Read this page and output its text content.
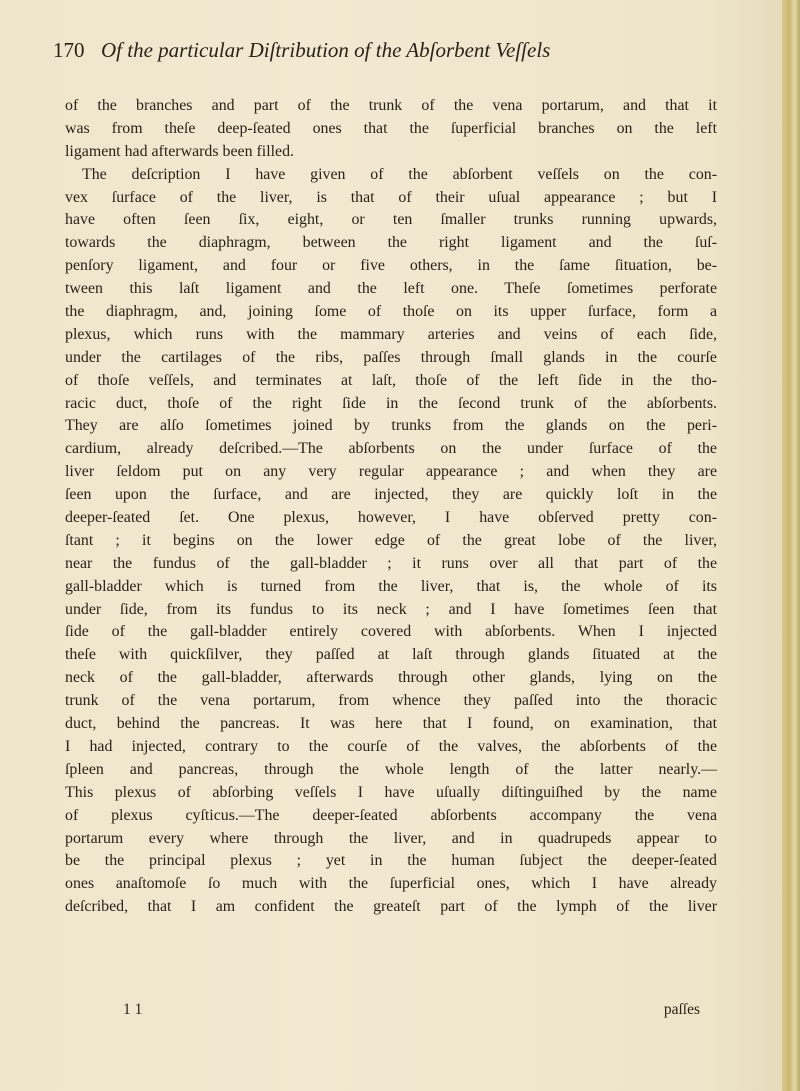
170 Of the particular Diſtribution of the Abſorbent Veſſels
of the branches and part of the trunk of the vena portarum, and that it
was from theſe deep-ſeated ones that the ſuperficial branches on the left
ligament had afterwards been filled.
The deſcription I have given of the abſorbent veſſels on the con-
vex ſurface of the liver, is that of their uſual appearance ; but I
have often ſeen ſix, eight, or ten ſmaller trunks running upwards,
towards the diaphragm, between the right ligament and the ſuſ-
penſory ligament, and four or five others, in the ſame ſituation, be-
tween this laſt ligament and the left one. Theſe ſometimes perforate
the diaphragm, and, joining ſome of thoſe on its upper ſurface, form a
plexus, which runs with the mammary arteries and veins of each ſide,
under the cartilages of the ribs, paſſes through ſmall glands in the courſe
of thoſe veſſels, and terminates at laſt, thoſe of the left ſide in the tho-
racic duct, thoſe of the right ſide in the ſecond trunk of the abſorbents.
They are alſo ſometimes joined by trunks from the glands on the peri-
cardium, already deſcribed.—The abſorbents on the under ſurface of the
liver ſeldom put on any very regular appearance ; and when they are
ſeen upon the ſurface, and are injected, they are quickly loſt in the
deeper-ſeated ſet. One plexus, however, I have obſerved pretty con-
ſtant ; it begins on the lower edge of the great lobe of the liver,
near the fundus of the gall-bladder ; it runs over all that part of the
gall-bladder which is turned from the liver, that is, the whole of its
under ſide, from its fundus to its neck ; and I have ſometimes ſeen that
ſide of the gall-bladder entirely covered with abſorbents. When I injected
theſe with quickſilver, they paſſed at laſt through glands ſituated at the
neck of the gall-bladder, afterwards through other glands, lying on the
trunk of the vena portarum, from whence they paſſed into the thoracic
duct, behind the pancreas. It was here that I found, on examination, that
I had injected, contrary to the courſe of the valves, the abſorbents of the
ſpleen and pancreas, through the whole length of the latter nearly.—
This plexus of abſorbing veſſels I have uſually diſtinguiſhed by the name
of plexus cyſticus.—The deeper-ſeated abſorbents accompany the vena
portarum every where through the liver, and in quadrupeds appear to
be the principal plexus ; yet in the human ſubject the deeper-ſeated
ones anaſtomoſe ſo much with the ſuperficial ones, which I have already
deſcribed, that I am confident the greateſt part of the lymph of the liver
1 1	paſſes
